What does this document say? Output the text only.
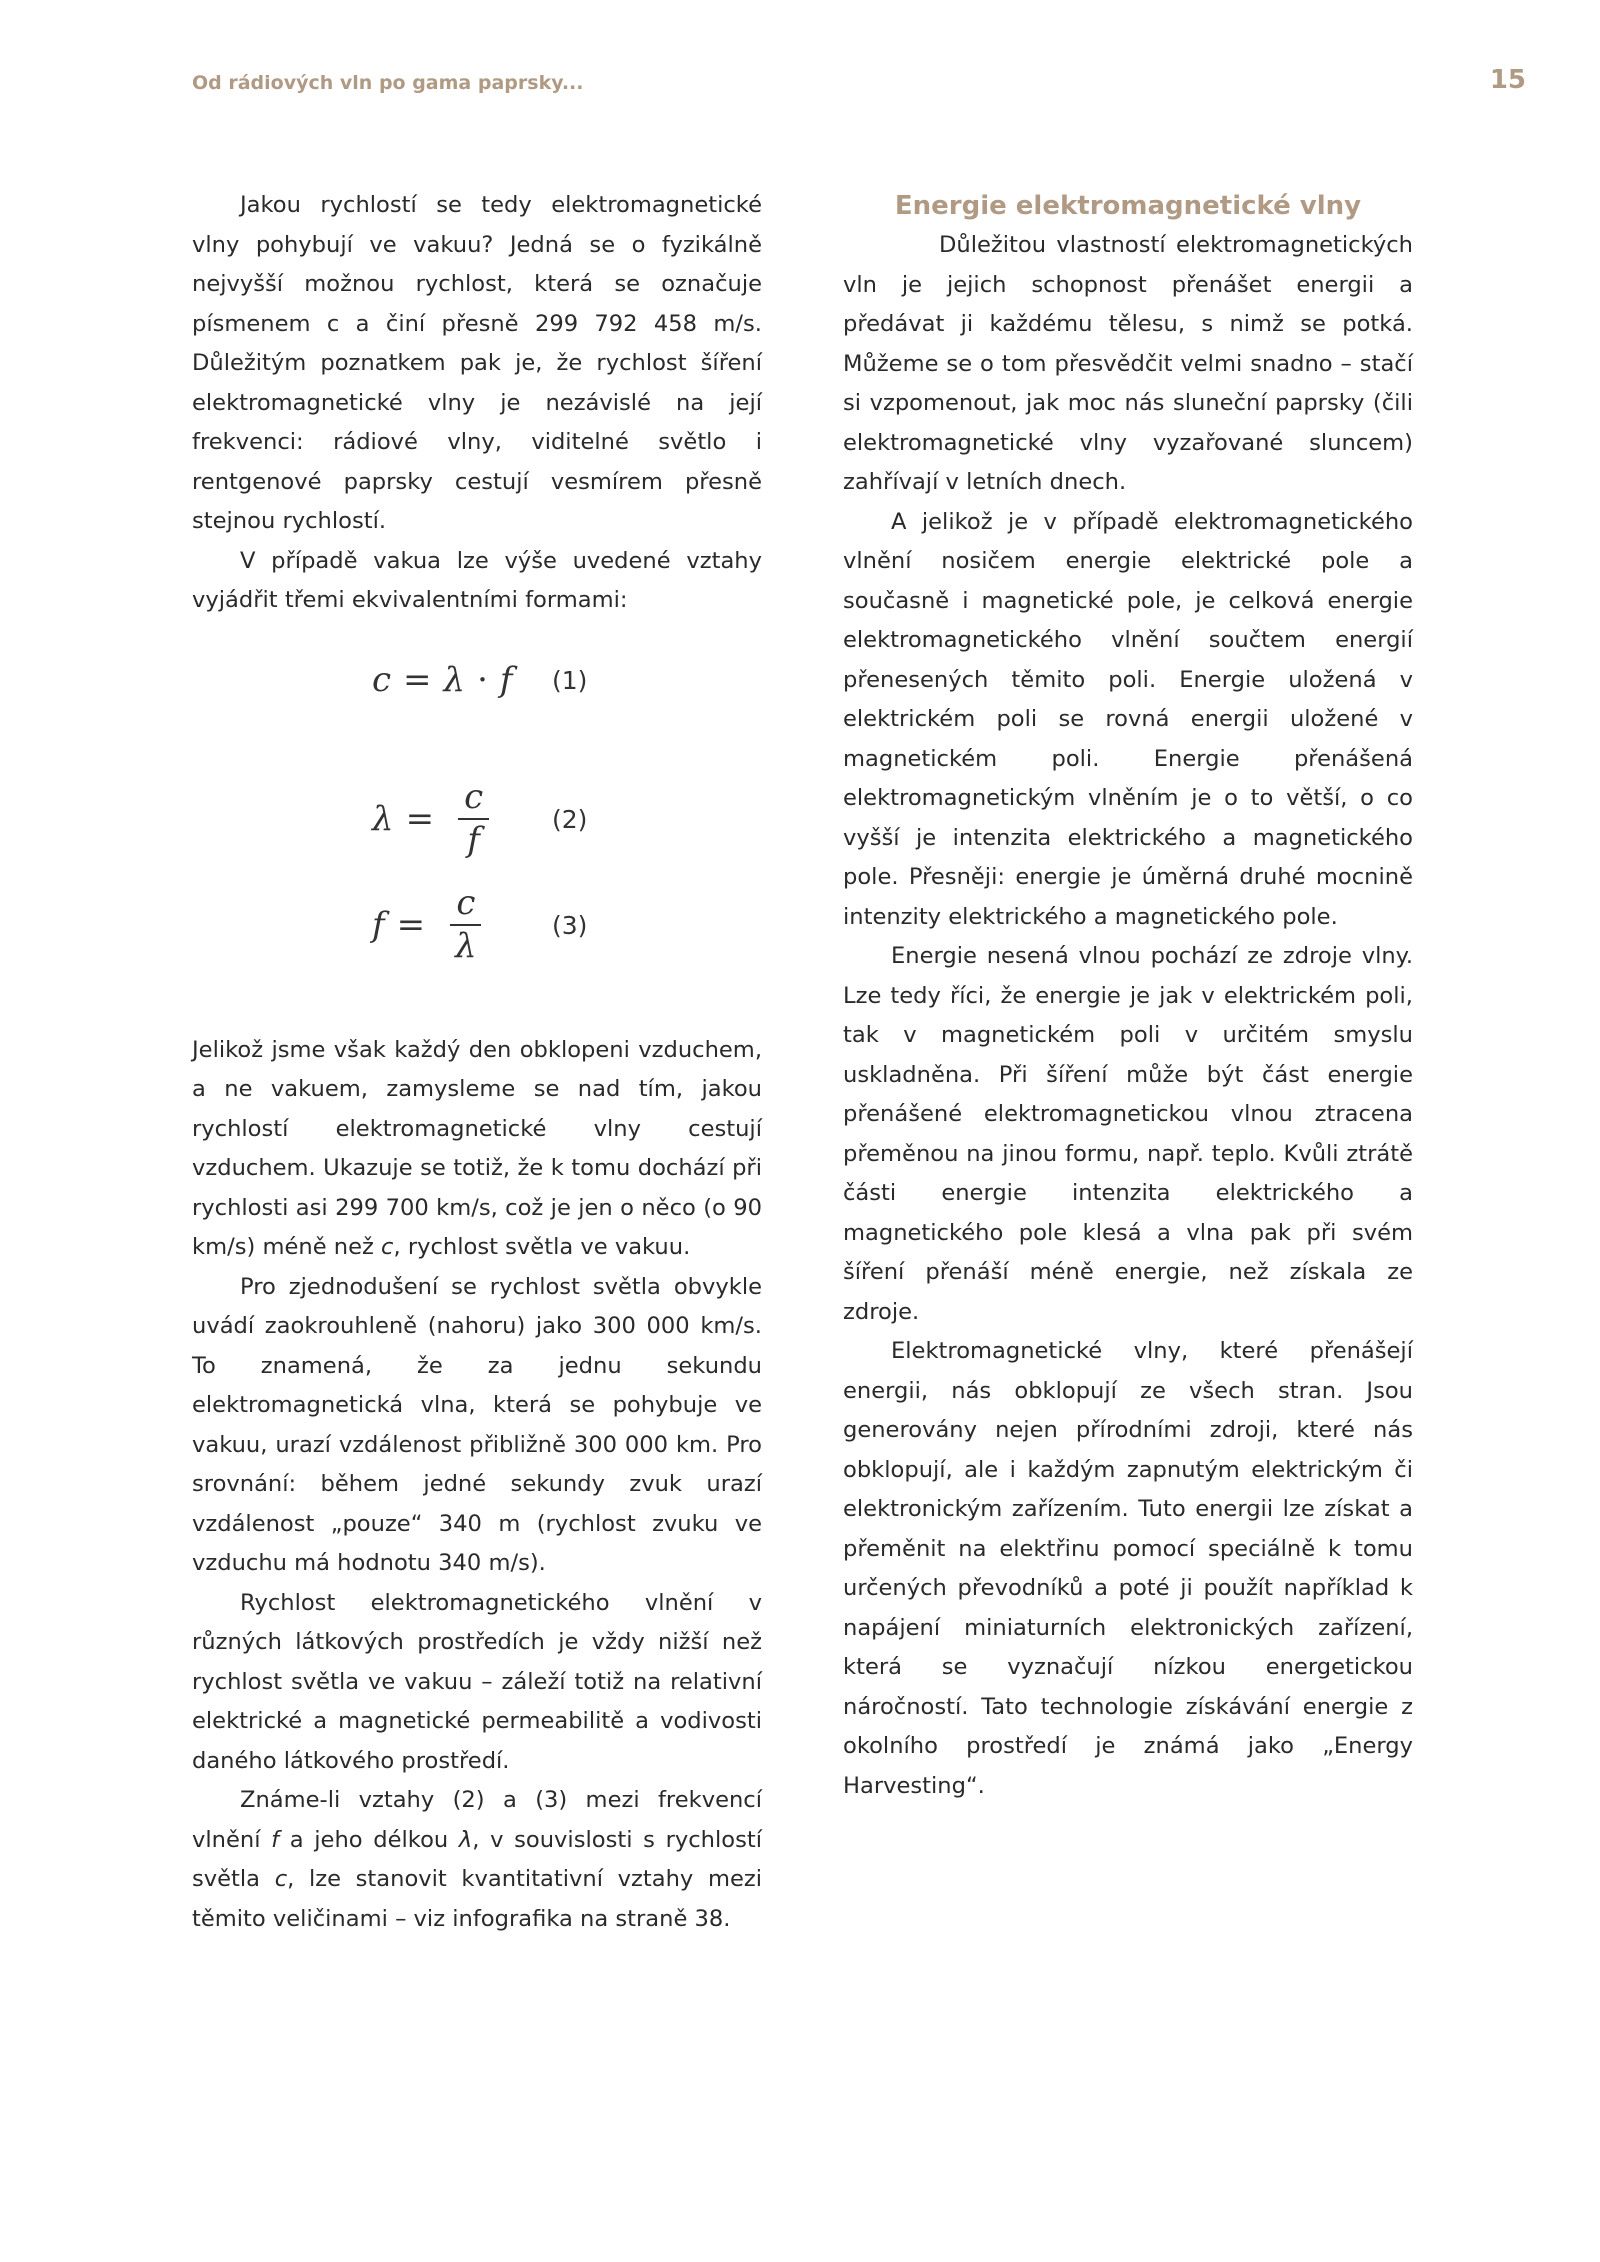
Od rádiových vln po gama paprsky...	15

Jakou rychlostí se tedy elektromagnetické vlny pohybují ve vakuu? Jedná se o fyzikálně nejvyšší možnou rychlost, která se označuje písmenem c a činí přesně 299 792 458 m/s. Důležitým poznatkem pak je, že rychlost šíření elektromagnetické vlny je nezávislé na její frekvenci: rádiové vlny, viditelné světlo i rentgenové paprsky cestují vesmírem přesně stejnou rychlostí.

V případě vakua lze výše uvedené vztahy vyjádřit třemi ekvivalentními formami:

c = λ · f (1)
$\lambda = \frac{c}{f}$	(2)
$f = \frac{c}{\lambda}$	(3)

Jelikož jsme však každý den obklopeni vzduchem, a ne vakuem, zamysleme se nad tím, jakou rychlostí elektromagnetické vlny cestují vzduchem. Ukazuje se totiž, že k tomu dochází při rychlosti asi 299 700 km/s, což je jen o něco (o 90 km/s) méně než c, rychlost světla ve vakuu.

Pro zjednodušení se rychlost světla obvykle uvádí zaokrouhleně (nahoru) jako 300 000 km/s. To znamená, že za jednu sekundu elektromagnetická vlna, která se pohybuje ve vakuu, urazí vzdálenost přibližně 300 000 km. Pro srovnání: během jedné sekundy zvuk urazí vzdálenost „pouze“ 340 m (rychlost zvuku ve vzduchu má hodnotu 340 m/s).

Rychlost elektromagnetického vlnění v různých látkových prostředích je vždy nižší než rychlost světla ve vakuu – záleží totiž na relativní elektrické a magnetické permeabilitě a vodivosti daného látkového prostředí.

Známe-li vztahy (2) a (3) mezi frekvencí vlnění f a jeho délkou λ, v souvislosti s rychlostí světla c, lze stanovit kvantitativní vztahy mezi těmito veličinami – viz infografika na straně 38.

Energie elektromagnetické vlny

Důležitou vlastností elektromagnetických vln je jejich schopnost přenášet energii a předávat ji každému tělesu, s nimž se potká. Můžeme se o tom přesvědčit velmi snadno – stačí si vzpomenout, jak moc nás sluneční paprsky (čili elektromagnetické vlny vyzařované sluncem) zahřívají v letních dnech.

A jelikož je v případě elektromagnetického vlnění nosičem energie elektrické pole a současně i magnetické pole, je celková energie elektromagnetického vlnění součtem energií přenesených těmito poli. Energie uložená v elektrickém poli se rovná energii uložené v magnetickém poli. Energie přenášená elektromagnetickým vlněním je o to větší, o co vyšší je intenzita elektrického a magnetického pole. Přesněji: energie je úměrná druhé mocnině intenzity elektrického a magnetického pole.

Energie nesená vlnou pochází ze zdroje vlny. Lze tedy říci, že energie je jak v elektrickém poli, tak v magnetickém poli v určitém smyslu uskladněna. Při šíření může být část energie přenášené elektromagnetickou vlnou ztracena přeměnou na jinou formu, např. teplo. Kvůli ztrátě části energie intenzita elektrického a magnetického pole klesá a vlna pak při svém šíření přenáší méně energie, než získala ze zdroje.

Elektromagnetické vlny, které přenášejí energii, nás obklopují ze všech stran. Jsou generovány nejen přírodními zdroji, které nás obklopují, ale i každým zapnutým elektrickým či elektronickým zařízením. Tuto energii lze získat a přeměnit na elektřinu pomocí speciálně k tomu určených převodníků a poté ji použít například k napájení miniaturních elektronických zařízení, která se vyznačují nízkou energetickou náročností. Tato technologie získávání energie z okolního prostředí je známá jako „Energy Harvesting“.
